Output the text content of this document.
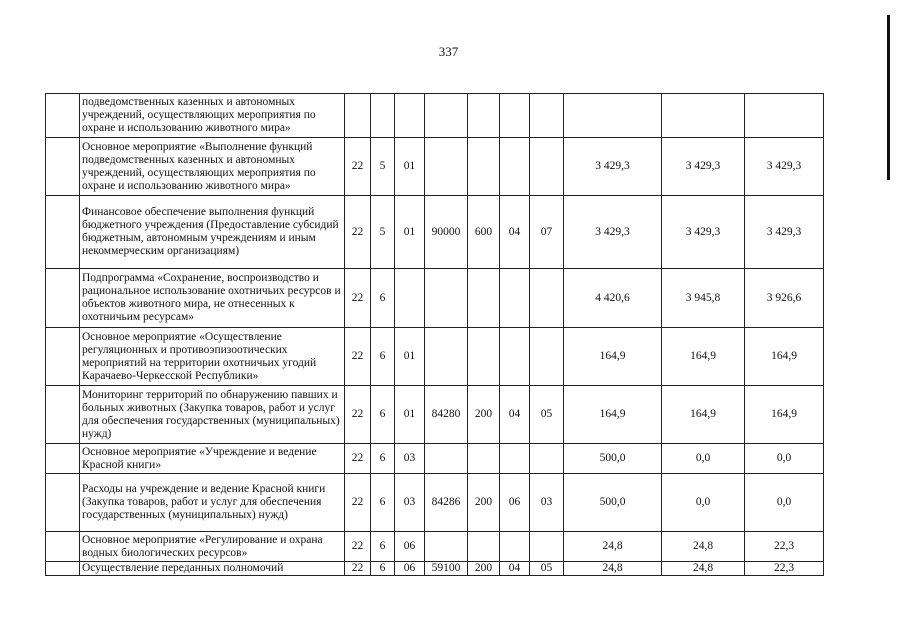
337
	подведомственных казенных и автономных учреждений, осуществляющих мероприятия по охране и использованию животного мира»										
	Основное мероприятие «Выполнение функций подведомственных казенных и автономных учреждений, осуществляющих мероприятия по охране и использованию животного мира»	22	5	01					3 429,3	3 429,3	3 429,3
	Финансовое обеспечение выполнения функций бюджетного учреждения (Предоставление субсидий бюджетным, автономным учреждениям и иным некоммерческим организациям)	22	5	01	90000	600	04	07	3 429,3	3 429,3	3 429,3
	Подпрограмма «Сохранение, воспроизводство и рациональное использование охотничьих ресурсов и объектов животного мира, не отнесенных к охотничьим ресурсам»	22	6						4 420,6	3 945,8	3 926,6
	Основное мероприятие «Осуществление регуляционных и противоэпизоотических мероприятий на территории охотничьих угодий Карачаево-Черкесской Республики»	22	6	01					164,9	164,9	164,9
	Мониторинг территорий по обнаружению павших и больных животных (Закупка товаров, работ и услуг для обеспечения государственных (муниципальных) нужд)	22	6	01	84280	200	04	05	164,9	164,9	164,9
	Основное мероприятие «Учреждение и ведение Красной книги»	22	6	03					500,0	0,0	0,0
	Расходы на учреждение и ведение Красной книги (Закупка товаров, работ и услуг для обеспечения государственных (муниципальных) нужд)	22	6	03	84286	200	06	03	500,0	0,0	0,0
	Основное мероприятие «Регулирование и охрана водных биологических ресурсов»	22	6	06					24,8	24,8	22,3
	Осуществление переданных полномочий	22	6	06	59100	200	04	05	24,8	24,8	22,3
